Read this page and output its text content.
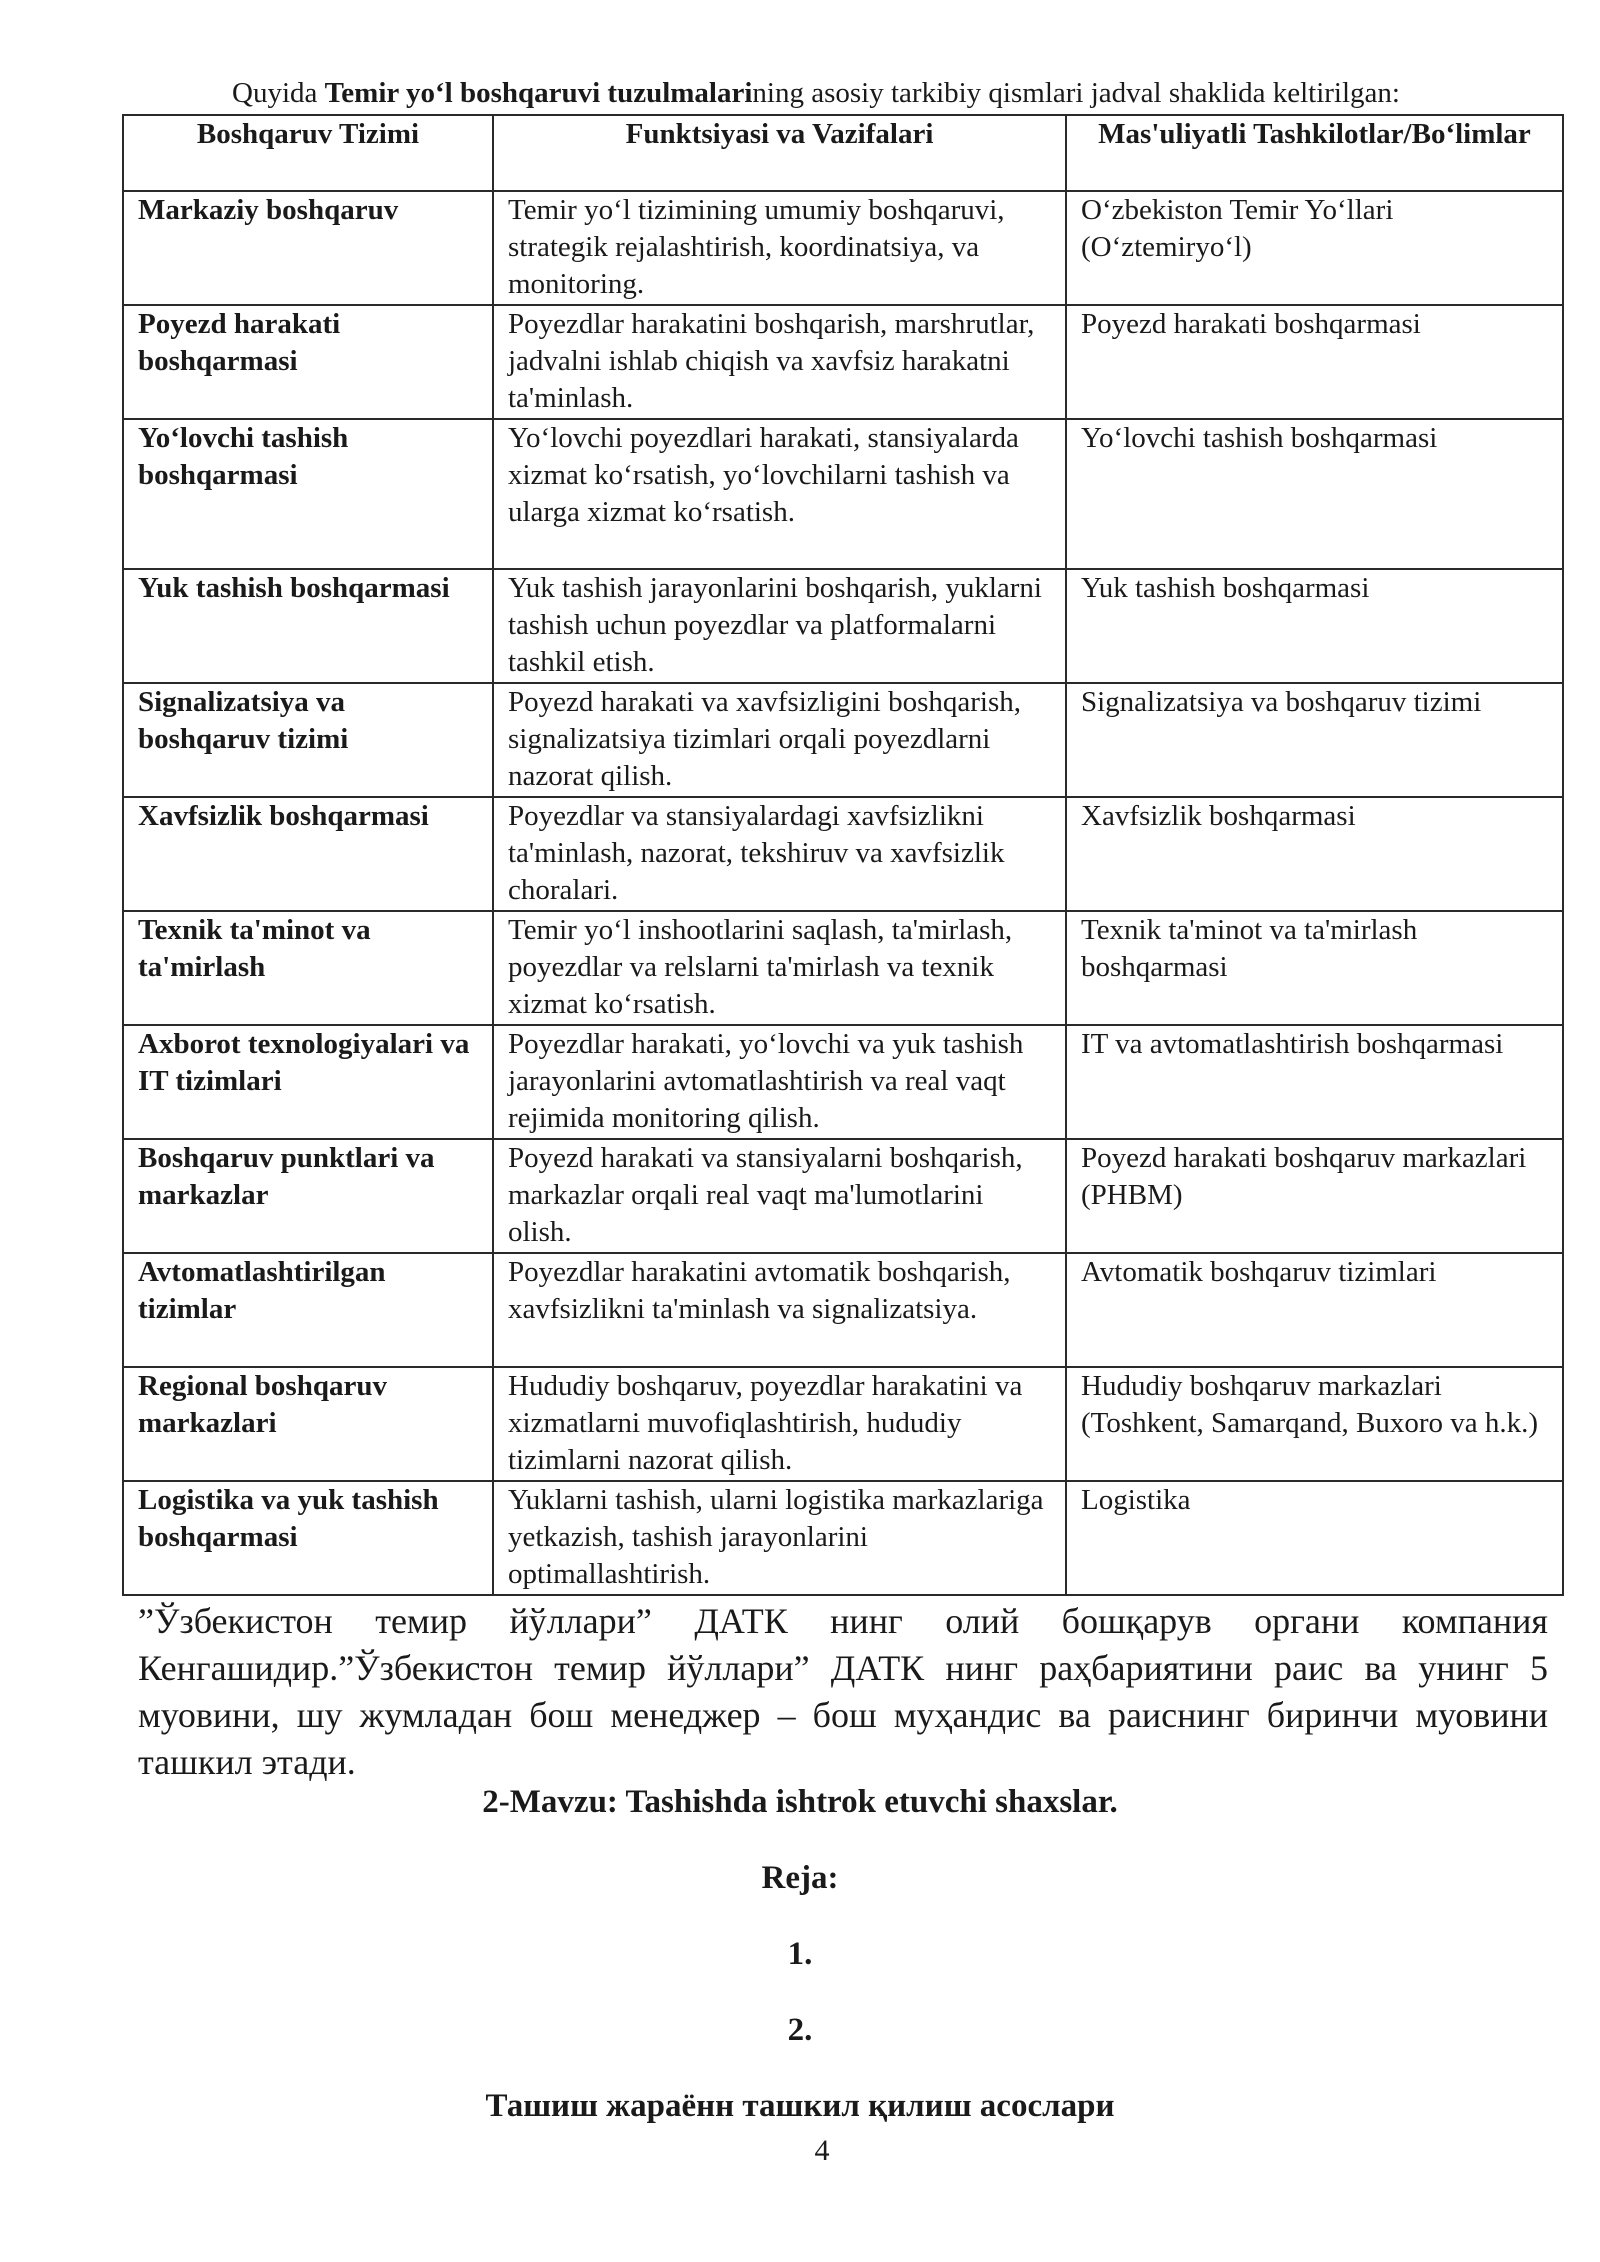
Quyida Temir yo‘l boshqaruvi tuzulmalarining asosiy tarkibiy qismlari jadval shaklida keltirilgan:
Boshqaruv Tizimi	Funktsiyasi va Vazifalari	Mas'uliyatli Tashkilotlar/Bo‘limlar
Markaziy boshqaruv	Temir yo‘l tizimining umumiy boshqaruvi, strategik rejalashtirish, koordinatsiya, va monitoring.	O‘zbekiston Temir Yo‘llari (O‘ztemiryo‘l)
Poyezd harakati boshqarmasi	Poyezdlar harakatini boshqarish, marshrutlar, jadvalni ishlab chiqish va xavfsiz harakatni ta'minlash.	Poyezd harakati boshqarmasi
Yo‘lovchi tashish boshqarmasi	Yo‘lovchi poyezdlari harakati, stansiyalarda xizmat ko‘rsatish, yo‘lovchilarni tashish va ularga xizmat ko‘rsatish.	Yo‘lovchi tashish boshqarmasi
Yuk tashish boshqarmasi	Yuk tashish jarayonlarini boshqarish, yuklarni tashish uchun poyezdlar va platformalarni tashkil etish.	Yuk tashish boshqarmasi
Signalizatsiya va boshqaruv tizimi	Poyezd harakati va xavfsizligini boshqarish, signalizatsiya tizimlari orqali poyezdlarni nazorat qilish.	Signalizatsiya va boshqaruv tizimi
Xavfsizlik boshqarmasi	Poyezdlar va stansiyalardagi xavfsizlikni ta'minlash, nazorat, tekshiruv va xavfsizlik choralari.	Xavfsizlik boshqarmasi
Texnik ta'minot va ta'mirlash	Temir yo‘l inshootlarini saqlash, ta'mirlash, poyezdlar va relslarni ta'mirlash va texnik xizmat ko‘rsatish.	Texnik ta'minot va ta'mirlash boshqarmasi
Axborot texnologiyalari va IT tizimlari	Poyezdlar harakati, yo‘lovchi va yuk tashish jarayonlarini avtomatlashtirish va real vaqt rejimida monitoring qilish.	IT va avtomatlashtirish boshqarmasi
Boshqaruv punktlari va markazlar	Poyezd harakati va stansiyalarni boshqarish, markazlar orqali real vaqt ma'lumotlarini olish.	Poyezd harakati boshqaruv markazlari (PHBM)
Avtomatlashtirilgan tizimlar	Poyezdlar harakatini avtomatik boshqarish, xavfsizlikni ta'minlash va signalizatsiya.	Avtomatik boshqaruv tizimlari
Regional boshqaruv markazlari	Hududiy boshqaruv, poyezdlar harakatini va xizmatlarni muvofiqlashtirish, hududiy tizimlarni nazorat qilish.	Hududiy boshqaruv markazlari (Toshkent, Samarqand, Buxoro va h.k.)
Logistika va yuk tashish boshqarmasi	Yuklarni tashish, ularni logistika markazlariga yetkazish, tashish jarayonlarini optimallashtirish.	Logistika
”Ўзбекистон темир йўллари” ДАТК нинг олий бошқарув органи компания Кенгашидир.”Ўзбекистон темир йўллари” ДАТК нинг раҳбариятини раис ва унинг 5 муовини, шу жумладан бош менеджер – бош муҳандис ва раиснинг биринчи муовини ташкил этади.
2-Mavzu: Tashishda ishtrok etuvchi shaxslar.
Reja:
1.
2.
Ташиш жараённ ташкил қилиш асослари
4
